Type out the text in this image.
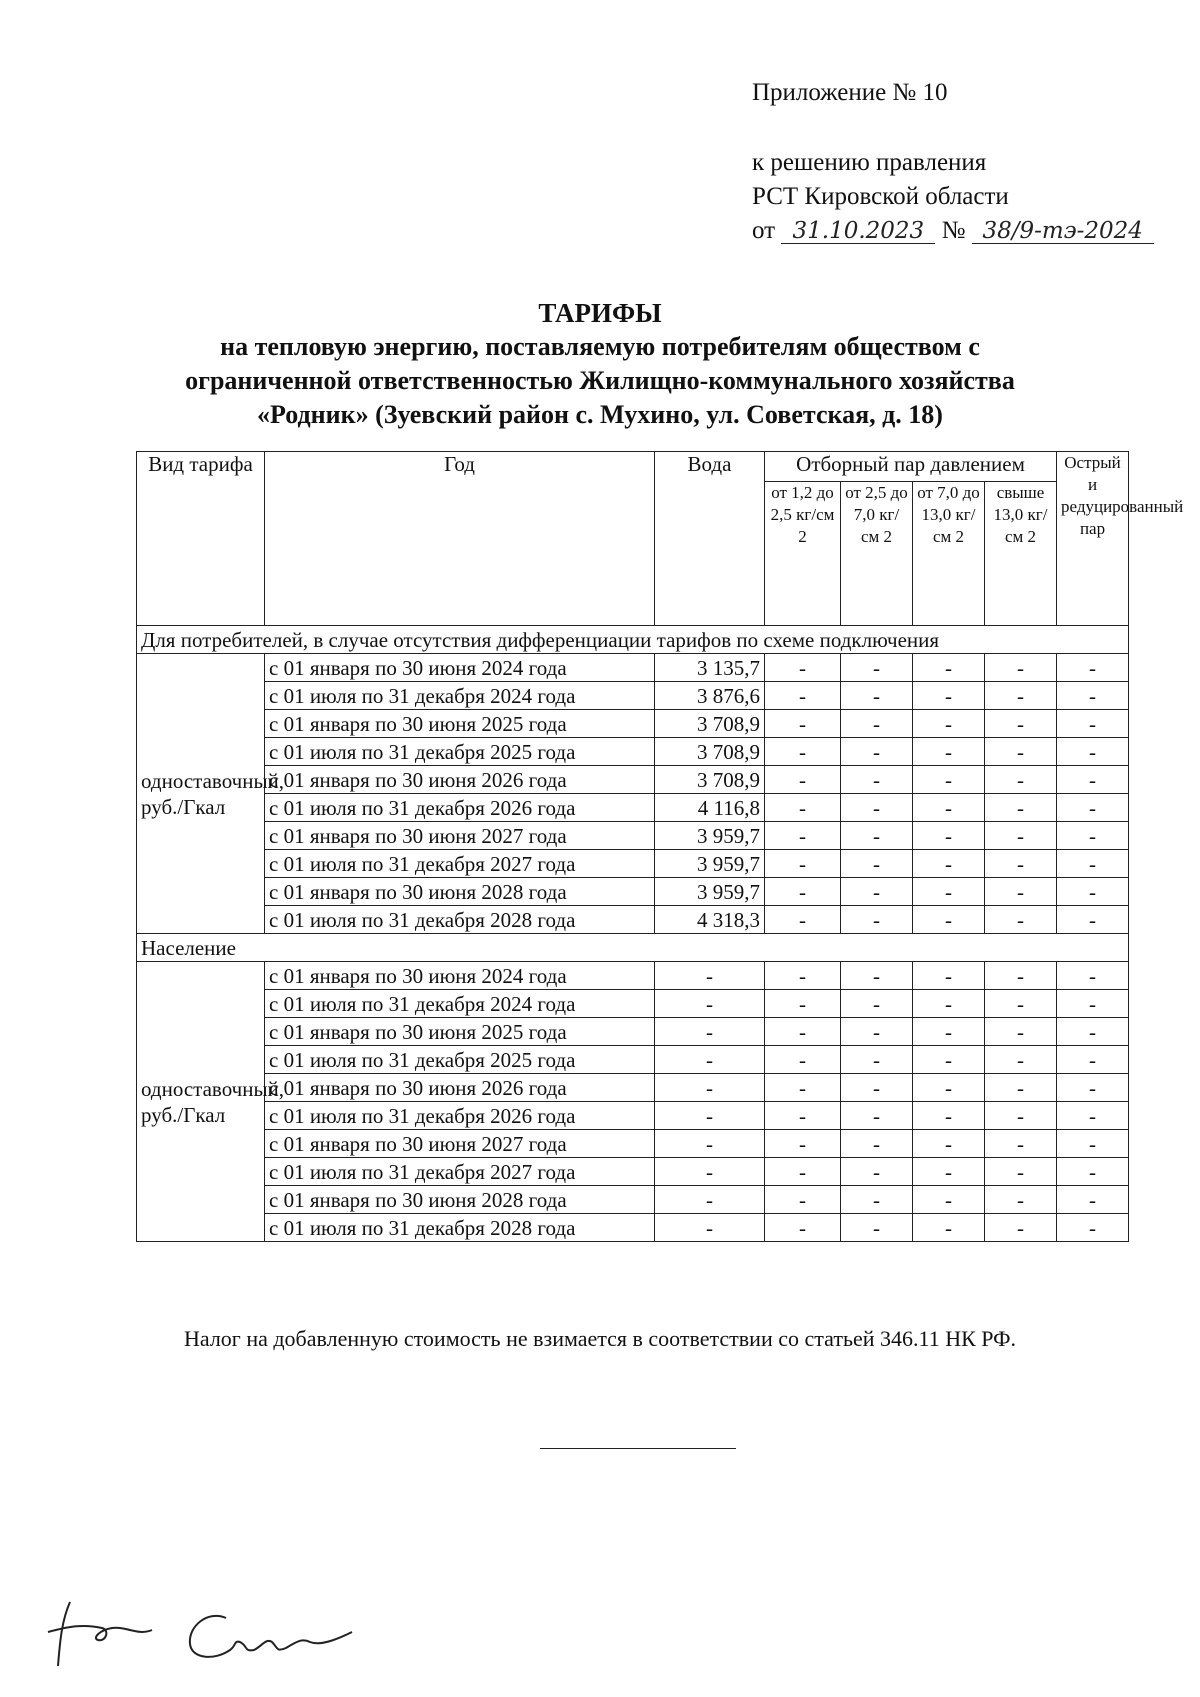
Приложение № 10
к решению правления
РСТ Кировской области
от 31.10.2023 № 38/9-тэ-2024
ТАРИФЫ
на тепловую энергию, поставляемую потребителям обществом с
ограниченной ответственностью Жилищно-коммунального хозяйства
«Родник» (Зуевский район с. Мухино, ул. Советская, д. 18)
Вид тарифа	Год	Вода	Отборный пар давлением				Острый и редуцированный пар
			от 1,2 до 2,5 кг/см 2	от 2,5 до 7,0 кг/см 2	от 7,0 до 13,0 кг/см 2	свыше 13,0 кг/см 2	
Для потребителей, в случае отсутствия дифференциации тарифов по схеме подключения							
одноставочный, руб./Гкал	с 01 января по 30 июня 2024 года	3 135,7	-	-	-	-	-
	с 01 июля по 31 декабря 2024 года	3 876,6	-	-	-	-	-
	с 01 января по 30 июня 2025 года	3 708,9	-	-	-	-	-
	с 01 июля по 31 декабря 2025 года	3 708,9	-	-	-	-	-
	с 01 января по 30 июня 2026 года	3 708,9	-	-	-	-	-
	с 01 июля по 31 декабря 2026 года	4 116,8	-	-	-	-	-
	с 01 января по 30 июня 2027 года	3 959,7	-	-	-	-	-
	с 01 июля по 31 декабря 2027 года	3 959,7	-	-	-	-	-
	с 01 января по 30 июня 2028 года	3 959,7	-	-	-	-	-
	с 01 июля по 31 декабря 2028 года	4 318,3	-	-	-	-	-
Население							
одноставочный, руб./Гкал	с 01 января по 30 июня 2024 года	-	-	-	-	-	-
	с 01 июля по 31 декабря 2024 года	-	-	-	-	-	-
	с 01 января по 30 июня 2025 года	-	-	-	-	-	-
	с 01 июля по 31 декабря 2025 года	-	-	-	-	-	-
	с 01 января по 30 июня 2026 года	-	-	-	-	-	-
	с 01 июля по 31 декабря 2026 года	-	-	-	-	-	-
	с 01 января по 30 июня 2027 года	-	-	-	-	-	-
	с 01 июля по 31 декабря 2027 года	-	-	-	-	-	-
	с 01 января по 30 июня 2028 года	-	-	-	-	-	-
	с 01 июля по 31 декабря 2028 года	-	-	-	-	-	-
Налог на добавленную стоимость не взимается в соответствии со статьей 346.11 НК РФ.
